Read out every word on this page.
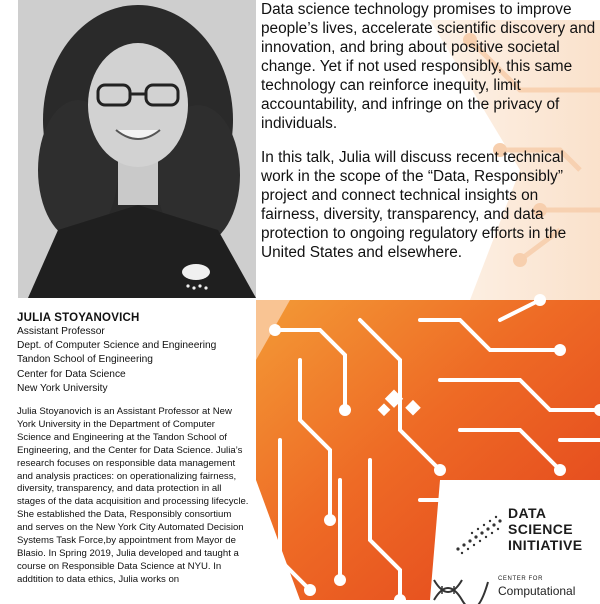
Data science technology promises to improve people’s lives, accelerate scientific discovery and innovation, and bring about positive societal change. Yet if not used responsibly, this same technology can reinforce inequity, limit accountability, and infringe on the privacy of individuals.

In this talk, Julia will discuss recent technical work in the scope of the “Data, Responsibly” project and connect technical insights on fairness, diversity, transparency, and data protection to ongoing regulatory efforts in the United States and elsewhere.

JULIA STOYANOVICH
Assistant Professor
Dept. of Computer Science and Engineering
Tandon School of Engineering
Center for Data Science
New York University
Julia Stoyanovich is an Assistant Professor at New York University in the Department of Computer Science and Engineering at the Tandon School of Engineering, and the Center for Data Science. Julia’s research focuses on responsible data management and analysis practices: on operationalizing fairness, diversity, transparency, and data protection in all stages of the data acquisition and processing lifecycle. She established the Data, Responsibly consortium and serves on the New York City Automated Decision Systems Task Force,by appointment from Mayor de Blasio. In Spring 2019, Julia developed and taught a course on Responsible Data Science at NYU. In addtition to data ethics, Julia works on
DATA
SCIENCE
INITIATIVE
CENTER FOR
Computational
